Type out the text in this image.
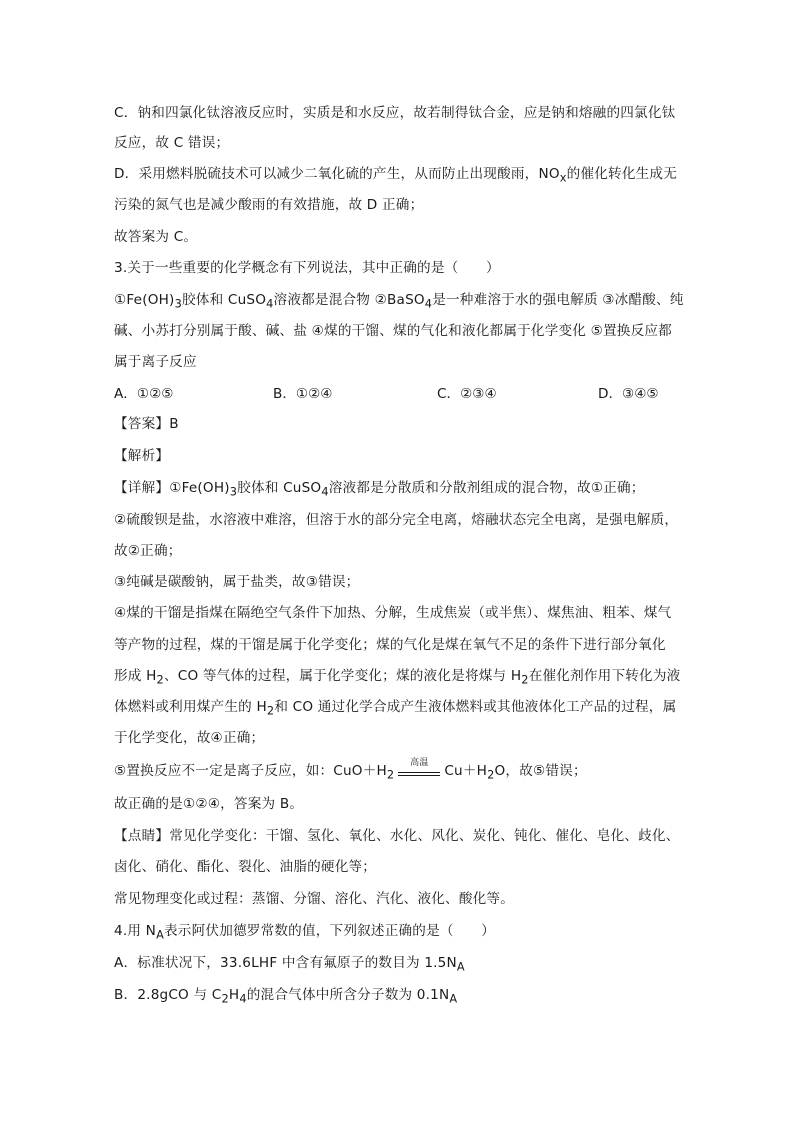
C．钠和四氯化钛溶液反应时，实质是和水反应，故若制得钛合金，应是钠和熔融的四氯化钛
反应，故 C 错误；
D．采用燃料脱硫技术可以减少二氧化硫的产生，从而防止出现酸雨，$NO_x$的催化转化生成无
污染的氮气也是减少酸雨的有效措施，故 D 正确；
故答案为 C。
3.关于一些重要的化学概念有下列说法，其中正确的是（　　）
$①Fe(OH)_3$胶体和 CuSO$_4$溶液都是混合物 ②BaSO$_4$是一种难溶于水的强电解质 ③冰醋酸、纯
碱、小苏打分别属于酸、碱、盐 ④煤的干馏、煤的气化和液化都属于化学变化 ⑤置换反应都
属于离子反应
A．①②⑤	B．①②④	C．②③④	D．③④⑤
【答案】B
【解析】
【详解】$①Fe(OH)_3$胶体和 CuSO$_4$溶液都是分散质和分散剂组成的混合物，故①正确；
②硫酸钡是盐，水溶液中难溶，但溶于水的部分完全电离，熔融状态完全电离，是强电解质，
故②正确；
③纯碱是碳酸钠，属于盐类，故③错误；
④煤的干馏是指煤在隔绝空气条件下加热、分解，生成焦炭（或半焦）、煤焦油、粗苯、煤气
等产物的过程，煤的干馏是属于化学变化；煤的气化是煤在氧气不足的条件下进行部分氧化
形成 $H_2$、CO 等气体的过程，属于化学变化；煤的液化是将煤与 $H_2$在催化剂作用下转化为液
体燃料或利用煤产生的 $H_2$和 CO 通过化学合成产生液体燃料或其他液体化工产品的过程，属
于化学变化，故④正确；
⑤置换反应不一定是离子反应，如：$CuO+H_2$
高温	$Cu+H_2O$，故⑤错误；
故正确的是①②④，答案为 B。
【点睛】常见化学变化：干馏、氢化、氧化、水化、风化、炭化、钝化、催化、皂化、歧化、
卤化、硝化、酯化、裂化、油脂的硬化等；
常见物理变化或过程：蒸馏、分馏、溶化、汽化、液化、酸化等。
4.用 $N_A$表示阿伏加德罗常数的值，下列叙述正确的是（　　）
A．标准状况下，33.6LHF 中含有氟原子的数目为 $1.5N_A$
B．2.8gCO 与 $C_2H_4$的混合气体中所含分子数为 $0.1N_A$
